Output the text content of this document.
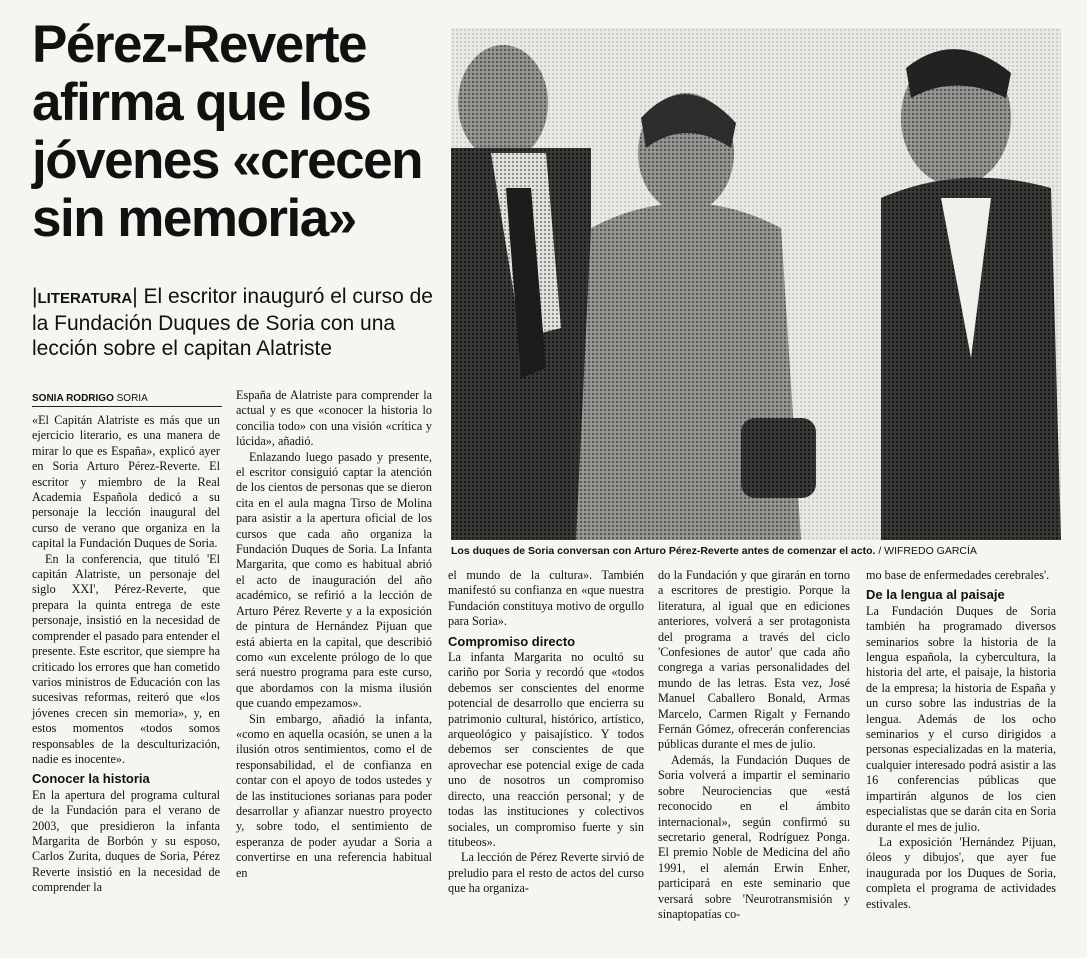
Pérez-Reverte afirma que los jóvenes «crecen sin memoria»

|LITERATURA| El escritor inauguró el curso de la Fundación Duques de Soria con una lección sobre el capitan Alatriste

SONIA RODRIGO SORIA

«El Capitán Alatriste es más que un ejercicio literario, es una manera de mirar lo que es España», explicó ayer en Soria Arturo Pérez-Reverte. El escritor y miembro de la Real Academia Española dedicó a su personaje la lección inaugural del curso de verano que organiza en la capital la Fundación Duques de Soria.

En la conferencia, que tituló 'El capitán Alatriste, un personaje del siglo XXI', Pérez-Reverte, que prepara la quinta entrega de este personaje, insistió en la necesidad de comprender el pasado para entender el presente. Este escritor, que siempre ha criticado los errores que han cometido varios ministros de Educación con las sucesivas reformas, reiteró que «los jóvenes crecen sin memoria», y, en estos momentos «todos somos responsables de la desculturización, nadie es inocente».

Conocer la historia

En la apertura del programa cultural de la Fundación para el verano de 2003, que presidieron la infanta Margarita de Borbón y su esposo, Carlos Zurita, duques de Soria, Pérez Reverte insistió en la necesidad de comprender la

España de Alatriste para comprender la actual y es que «conocer la historia lo concilia todo» con una visión «crítica y lúcida», añadió.

Enlazando luego pasado y presente, el escritor consiguió captar la atención de los cientos de personas que se dieron cita en el aula magna Tirso de Molina para asistir a la apertura oficial de los cursos que cada año organiza la Fundación Duques de Soria. La Infanta Margarita, que como es habitual abrió el acto de inauguración del año académico, se refirió a la lección de Arturo Pérez Reverte y a la exposición de pintura de Hernández Pijuan que está abierta en la capital, que describió como «un excelente prólogo de lo que será nuestro programa para este curso, que abordamos con la misma ilusión que cuando empezamos».

Sin embargo, añadió la infanta, «como en aquella ocasión, se unen a la ilusión otros sentimientos, como el de responsabilidad, el de confianza en contar con el apoyo de todos ustedes y de las instituciones sorianas para poder desarrollar y afianzar nuestro proyecto y, sobre todo, el sentimiento de esperanza de poder ayudar a Soria a convertirse en una referencia habitual en

Los duques de Soria conversan con Arturo Pérez-Reverte antes de comenzar el acto. / WIFREDO GARCÍA

el mundo de la cultura». También manifestó su confianza en «que nuestra Fundación constituya motivo de orgullo para Soria».

Compromiso directo

La infanta Margarita no ocultó su cariño por Soria y recordó que «todos debemos ser conscientes del enorme potencial de desarrollo que encierra su patrimonio cultural, histórico, artístico, arqueológico y paisajístico. Y todos debemos ser conscientes de que aprovechar ese potencial exige de cada uno de nosotros un compromiso directo, una reacción personal; y de todas las instituciones y colectivos sociales, un compromiso fuerte y sin titubeos».

La lección de Pérez Reverte sirvió de preludio para el resto de actos del curso que ha organiza-

do la Fundación y que girarán en torno a escritores de prestigio. Porque la literatura, al igual que en ediciones anteriores, volverá a ser protagonista del programa a través del ciclo 'Confesiones de autor' que cada año congrega a varias personalidades del mundo de las letras. Esta vez, José Manuel Caballero Bonald, Armas Marcelo, Carmen Rigalt y Fernando Fernán Gómez, ofrecerán conferencias públicas durante el mes de julio.

Además, la Fundación Duques de Soria volverá a impartir el seminario sobre Neurociencias que «está reconocido en el ámbito internacional», según confirmó su secretario general, Rodríguez Ponga. El premio Noble de Medicina del año 1991, el alemán Erwin Enher, participará en este seminario que versará sobre 'Neurotransmisión y sinaptopatías co-

mo base de enfermedades cerebrales'.

De la lengua al paisaje

La Fundación Duques de Soria también ha programado diversos seminarios sobre la historia de la lengua española, la cybercultura, la historia del arte, el paisaje, la historia de la empresa; la historia de España y un curso sobre las industrias de la lengua. Además de los ocho seminarios y el curso dirigidos a personas especializadas en la materia, cualquier interesado podrá asistir a las 16 conferencias públicas que impartirán algunos de los cien especialistas que se darán cita en Soria durante el mes de julio.

La exposición 'Hernández Pijuan, óleos y dibujos', que ayer fue inaugurada por los Duques de Soria, completa el programa de actividades estivales.
